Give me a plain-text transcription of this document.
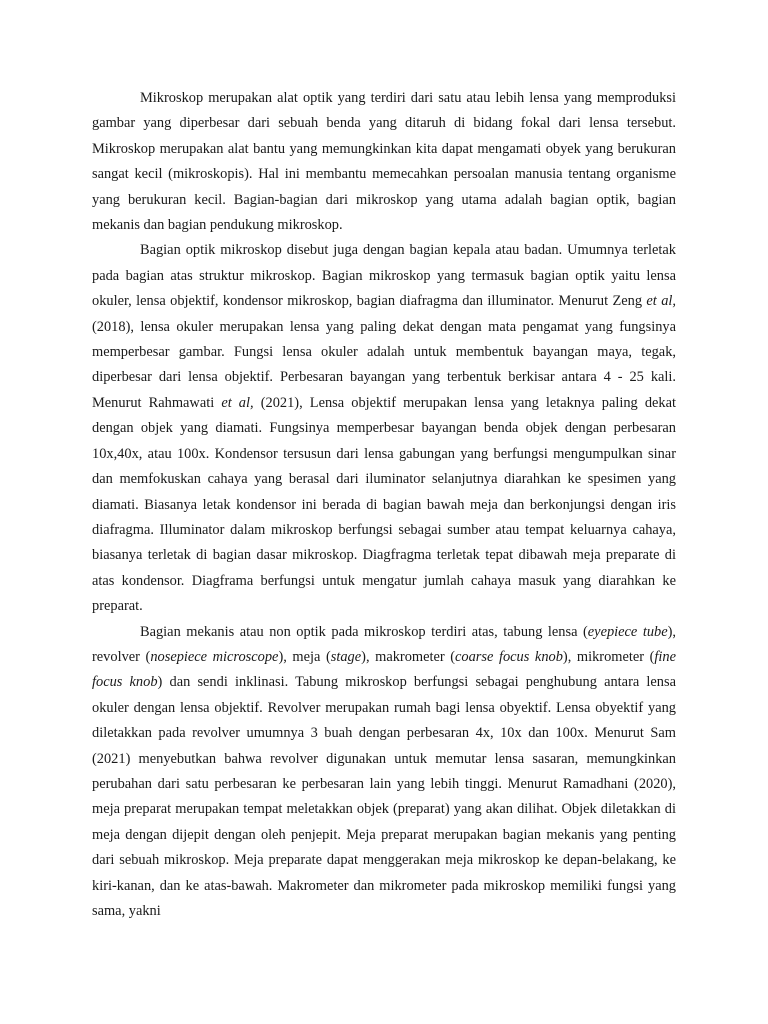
Mikroskop merupakan alat optik yang terdiri dari satu atau lebih lensa yang memproduksi gambar yang diperbesar dari sebuah benda yang ditaruh di bidang fokal dari lensa tersebut. Mikroskop merupakan alat bantu yang memungkinkan kita dapat mengamati obyek yang berukuran sangat kecil (mikroskopis). Hal ini membantu memecahkan persoalan manusia tentang organisme yang berukuran kecil. Bagian-bagian dari mikroskop yang utama adalah bagian optik, bagian mekanis dan bagian pendukung mikroskop.

Bagian optik mikroskop disebut juga dengan bagian kepala atau badan. Umumnya terletak pada bagian atas struktur mikroskop. Bagian mikroskop yang termasuk bagian optik yaitu lensa okuler, lensa objektif, kondensor mikroskop, bagian diafragma dan illuminator. Menurut Zeng et al, (2018), lensa okuler merupakan lensa yang paling dekat dengan mata pengamat yang fungsinya memperbesar gambar. Fungsi lensa okuler adalah untuk membentuk bayangan maya, tegak, diperbesar dari lensa objektif. Perbesaran bayangan yang terbentuk berkisar antara 4 - 25 kali. Menurut Rahmawati et al, (2021), Lensa objektif merupakan lensa yang letaknya paling dekat dengan objek yang diamati. Fungsinya memperbesar bayangan benda objek dengan perbesaran 10x,40x, atau 100x. Kondensor tersusun dari lensa gabungan yang berfungsi mengumpulkan sinar dan memfokuskan cahaya yang berasal dari iluminator selanjutnya diarahkan ke spesimen yang diamati. Biasanya letak kondensor ini berada di bagian bawah meja dan berkonjungsi dengan iris diafragma. Illuminator dalam mikroskop berfungsi sebagai sumber atau tempat keluarnya cahaya, biasanya terletak di bagian dasar mikroskop. Diagfragma terletak tepat dibawah meja preparate di atas kondensor. Diagframa berfungsi untuk mengatur jumlah cahaya masuk yang diarahkan ke preparat.

Bagian mekanis atau non optik pada mikroskop terdiri atas, tabung lensa (eyepiece tube), revolver (nosepiece microscope), meja (stage), makrometer (coarse focus knob), mikrometer (fine focus knob) dan sendi inklinasi. Tabung mikroskop berfungsi sebagai penghubung antara lensa okuler dengan lensa objektif. Revolver merupakan rumah bagi lensa obyektif. Lensa obyektif yang diletakkan pada revolver umumnya 3 buah dengan perbesaran 4x, 10x dan 100x. Menurut Sam (2021) menyebutkan bahwa revolver digunakan untuk memutar lensa sasaran, memungkinkan perubahan dari satu perbesaran ke perbesaran lain yang lebih tinggi. Menurut Ramadhani (2020), meja preparat merupakan tempat meletakkan objek (preparat) yang akan dilihat. Objek diletakkan di meja dengan dijepit dengan oleh penjepit. Meja preparat merupakan bagian mekanis yang penting dari sebuah mikroskop. Meja preparate dapat menggerakan meja mikroskop ke depan-belakang, ke kiri-kanan, dan ke atas-bawah. Makrometer dan mikrometer pada mikroskop memiliki fungsi yang sama, yakni
